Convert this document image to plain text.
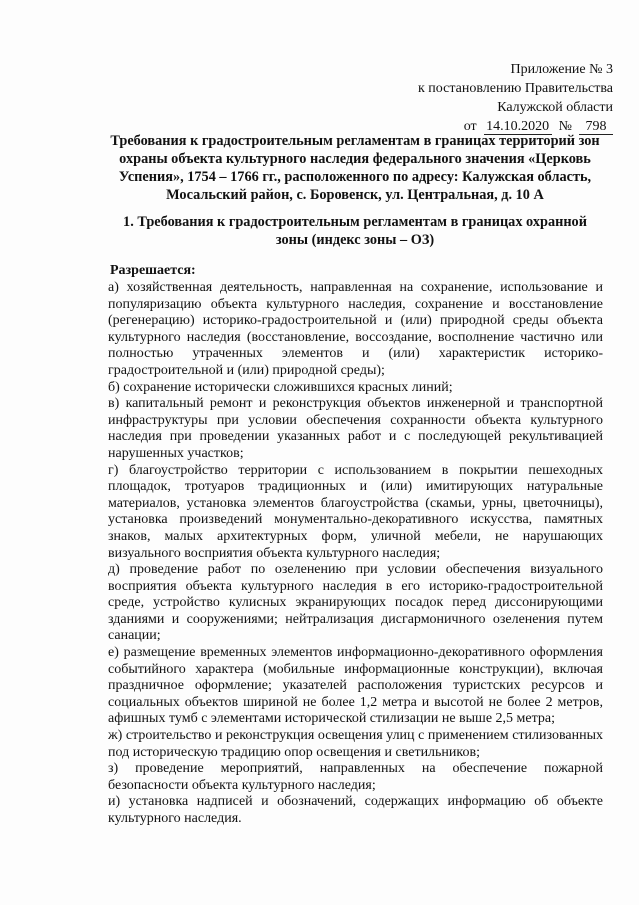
Приложение № 3
к постановлению Правительства
Калужской области
от 14.10.2020 № 798
Требования к градостроительным регламентам в границах территорий зон охраны объекта культурного наследия федерального значения «Церковь Успения», 1754 – 1766 гг., расположенного по адресу: Калужская область, Мосальский район, с. Боровенск, ул. Центральная, д. 10 А
1. Требования к градостроительным регламентам в границах охранной зоны (индекс зоны – ОЗ)
Разрешается:

а) хозяйственная деятельность, направленная на сохранение, использование и популяризацию объекта культурного наследия, сохранение и восстановление (регенерацию) историко-градостроительной и (или) природной среды объекта культурного наследия (восстановление, воссоздание, восполнение частично или полностью утраченных элементов и (или) характеристик историко-градостроительной и (или) природной среды);

б) сохранение исторически сложившихся красных линий;

в) капитальный ремонт и реконструкция объектов инженерной и транспортной инфраструктуры при условии обеспечения сохранности объекта культурного наследия при проведении указанных работ и с последующей рекультивацией нарушенных участков;

г) благоустройство территории с использованием в покрытии пешеходных площадок, тротуаров традиционных и (или) имитирующих натуральные материалов, установка элементов благоустройства (скамьи, урны, цветочницы), установка произведений монументально-декоративного искусства, памятных знаков, малых архитектурных форм, уличной мебели, не нарушающих визуального восприятия объекта культурного наследия;

д) проведение работ по озеленению при условии обеспечения визуального восприятия объекта культурного наследия в его историко-градостроительной среде, устройство кулисных экранирующих посадок перед диссонирующими зданиями и сооружениями; нейтрализация дисгармоничного озеленения путем санации;

е) размещение временных элементов информационно-декоративного оформления событийного характера (мобильные информационные конструкции), включая праздничное оформление; указателей расположения туристских ресурсов и социальных объектов шириной не более 1,2 метра и высотой не более 2 метров, афишных тумб с элементами исторической стилизации не выше 2,5 метра;

ж) строительство и реконструкция освещения улиц с применением стилизованных под историческую традицию опор освещения и светильников;

з) проведение мероприятий, направленных на обеспечение пожарной безопасности объекта культурного наследия;

и) установка надписей и обозначений, содержащих информацию об объекте культурного наследия.
